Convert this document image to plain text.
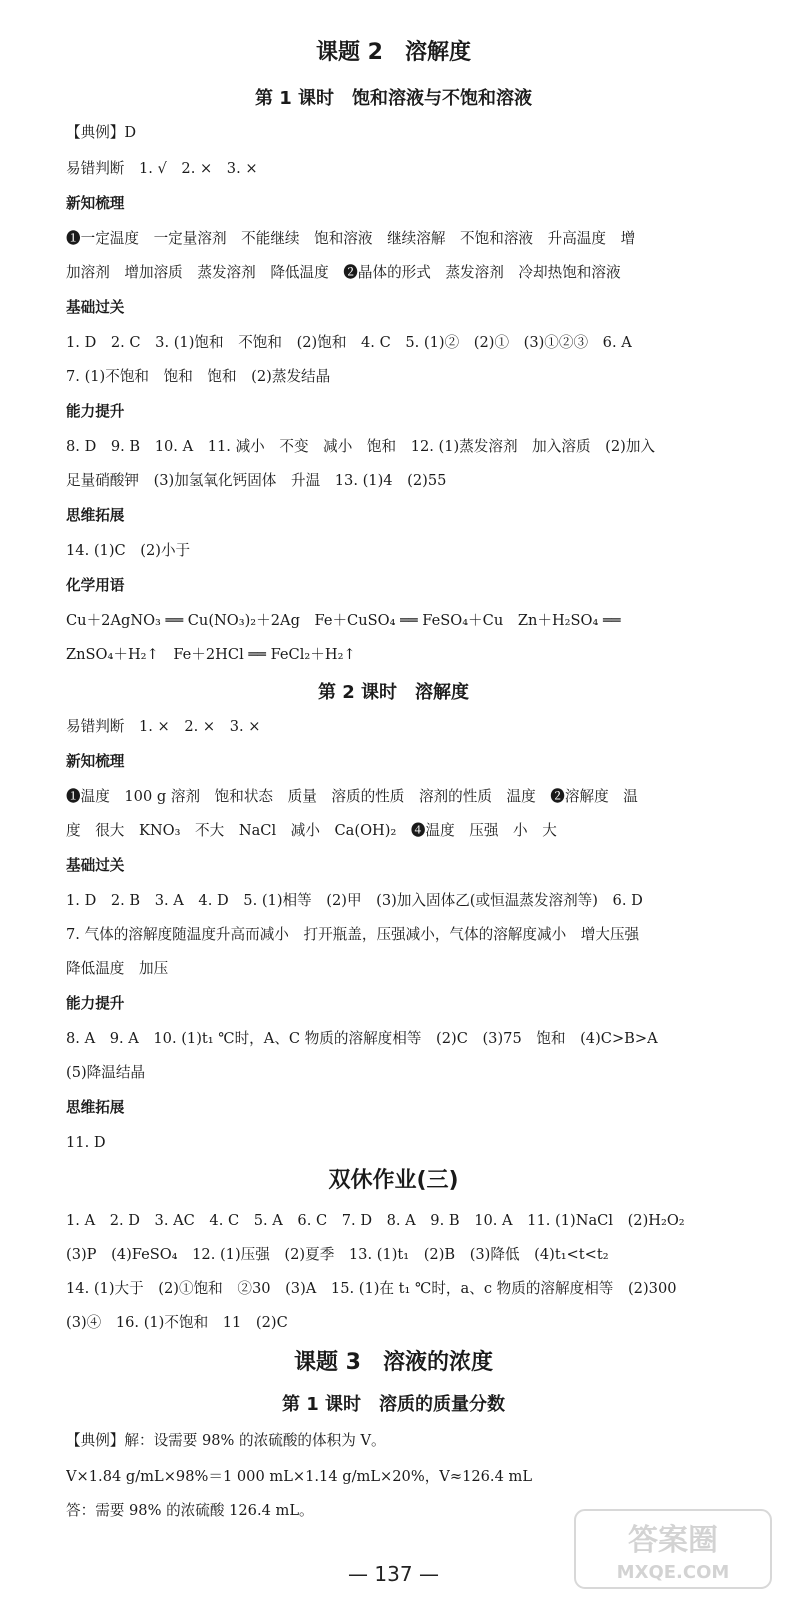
课题 2　溶解度
第 1 课时　饱和溶液与不饱和溶液
【典例】D
易错判断　1. √　2. ×　3. ×
新知梳理
❶一定温度　一定量溶剂　不能继续　饱和溶液　继续溶解　不饱和溶液　升高温度　增
加溶剂　增加溶质　蒸发溶剂　降低温度　❷晶体的形式　蒸发溶剂　冷却热饱和溶液
基础过关
1. D　2. C　3. (1)饱和　不饱和　(2)饱和　4. C　5. (1)②　(2)①　(3)①②③　6. A
7. (1)不饱和　饱和　饱和　(2)蒸发结晶
能力提升
8. D　9. B　10. A　11. 减小　不变　减小　饱和　12. (1)蒸发溶剂　加入溶质　(2)加入
足量硝酸钾　(3)加氢氧化钙固体　升温　13. (1)4　(2)55
思维拓展
14. (1)C　(2)小于
化学用语
Cu＋2AgNO₃ ══ Cu(NO₃)₂＋2Ag　Fe＋CuSO₄ ══ FeSO₄＋Cu　Zn＋H₂SO₄ ══
ZnSO₄＋H₂↑　Fe＋2HCl ══ FeCl₂＋H₂↑
第 2 课时　溶解度
易错判断　1. ×　2. ×　3. ×
新知梳理
❶温度　100 g 溶剂　饱和状态　质量　溶质的性质　溶剂的性质　温度　❷溶解度　温
度　很大　KNO₃　不大　NaCl　减小　Ca(OH)₂　❹温度　压强　小　大
基础过关
1. D　2. B　3. A　4. D　5. (1)相等　(2)甲　(3)加入固体乙(或恒温蒸发溶剂等)　6. D
7. 气体的溶解度随温度升高而减小　打开瓶盖，压强减小，气体的溶解度减小　增大压强
降低温度　加压
能力提升
8. A　9. A　10. (1)t₁ ℃时，A、C 物质的溶解度相等　(2)C　(3)75　饱和　(4)C>B>A
(5)降温结晶
思维拓展
11. D
双休作业(三)
1. A　2. D　3. AC　4. C　5. A　6. C　7. D　8. A　9. B　10. A　11. (1)NaCl　(2)H₂O₂
(3)P　(4)FeSO₄　12. (1)压强　(2)夏季　13. (1)t₁　(2)B　(3)降低　(4)t₁<t<t₂
14. (1)大于　(2)①饱和　②30　(3)A　15. (1)在 t₁ ℃时，a、c 物质的溶解度相等　(2)300
(3)④　16. (1)不饱和　11　(2)C
课题 3　溶液的浓度
第 1 课时　溶质的质量分数
【典例】解：设需要 98% 的浓硫酸的体积为 V。
V×1.84 g/mL×98%＝1 000 mL×1.14 g/mL×20%，V≈126.4 mL
答：需要 98% 的浓硫酸 126.4 mL。
— 137 —
答案圈
MXQE.COM
